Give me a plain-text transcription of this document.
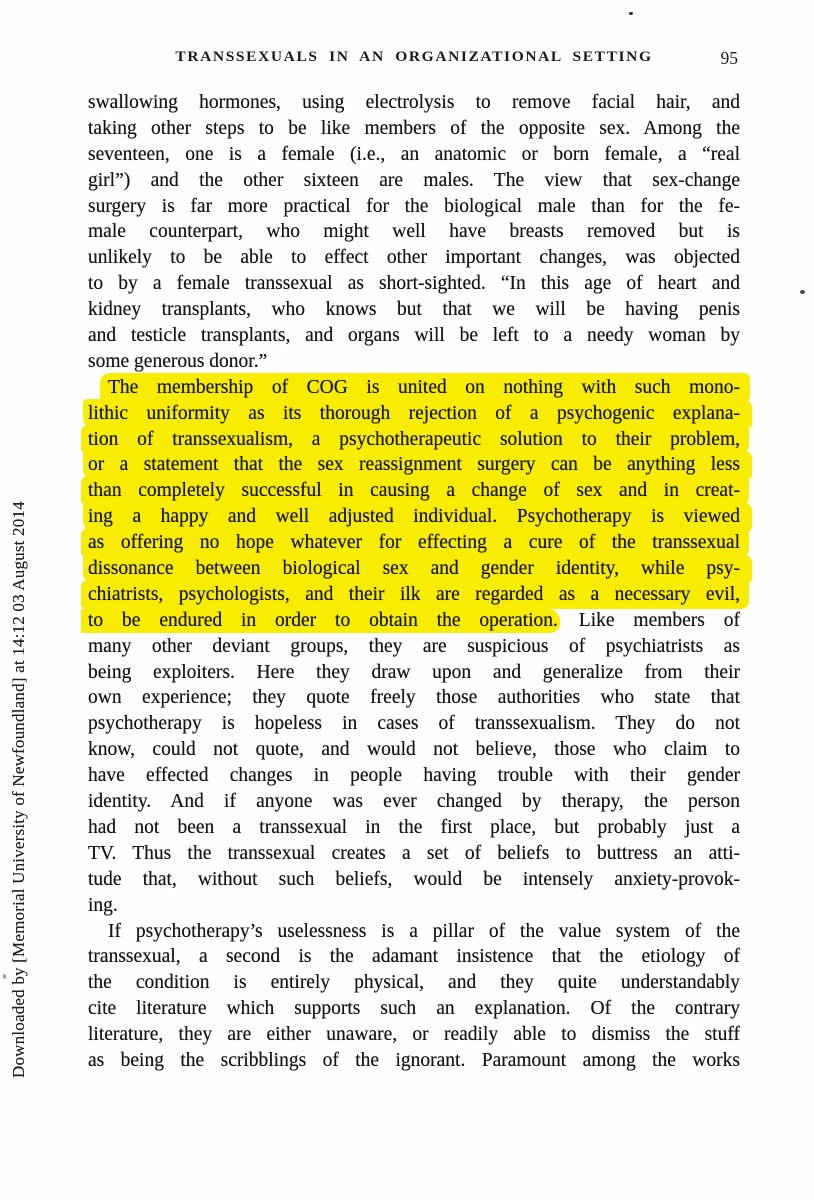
TRANSSEXUALS IN AN ORGANIZATIONAL SETTING	95
swallowing hormones, using electrolysis to remove facial hair, and
taking other steps to be like members of the opposite sex. Among the
seventeen, one is a female (i.e., an anatomic or born female, a “real
girl”) and the other sixteen are males. The view that sex-change
surgery is far more practical for the biological male than for the fe-
male counterpart, who might well have breasts removed but is
unlikely to be able to effect other important changes, was objected
to by a female transsexual as short-sighted. “In this age of heart and
kidney transplants, who knows but that we will be having penis
and testicle transplants, and organs will be left to a needy woman by
some generous donor.”
The membership of COG is united on nothing with such mono-
lithic uniformity as its thorough rejection of a psychogenic explana-
tion of transsexualism, a psychotherapeutic solution to their problem,
or a statement that the sex reassignment surgery can be anything less
than completely successful in causing a change of sex and in creat-
ing a happy and well adjusted individual. Psychotherapy is viewed
as offering no hope whatever for effecting a cure of the transsexual
dissonance between biological sex and gender identity, while psy-
chiatrists, psychologists, and their ilk are regarded as a necessary evil,
to be endured in order to obtain the operation. Like members of
many other deviant groups, they are suspicious of psychiatrists as
being exploiters. Here they draw upon and generalize from their
own experience; they quote freely those authorities who state that
psychotherapy is hopeless in cases of transsexualism. They do not
know, could not quote, and would not believe, those who claim to
have effected changes in people having trouble with their gender
identity. And if anyone was ever changed by therapy, the person
had not been a transsexual in the first place, but probably just a
TV. Thus the transsexual creates a set of beliefs to buttress an atti-
tude that, without such beliefs, would be intensely anxiety-provok-
ing.
If psychotherapy’s uselessness is a pillar of the value system of the
transsexual, a second is the adamant insistence that the etiology of
the condition is entirely physical, and they quite understandably
cite literature which supports such an explanation. Of the contrary
literature, they are either unaware, or readily able to dismiss the stuff
as being the scribblings of the ignorant. Paramount among the works
Downloaded by [Memorial University of Newfoundland] at 14:12 03 August 2014
